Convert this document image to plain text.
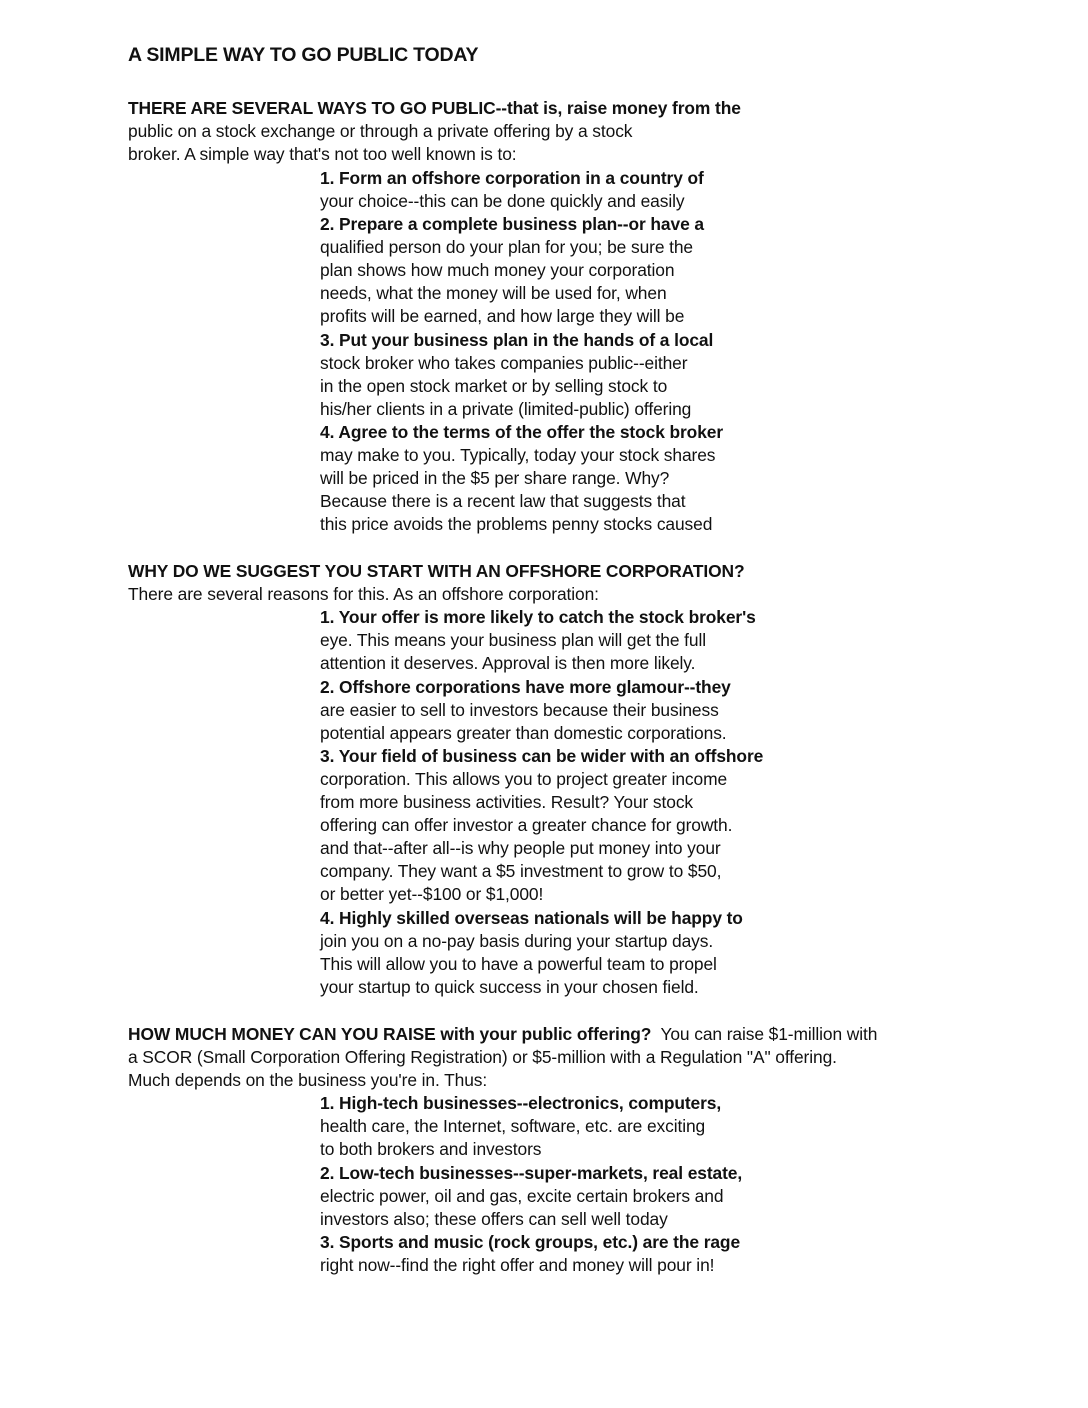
A SIMPLE WAY TO GO PUBLIC TODAY
THERE ARE SEVERAL WAYS TO GO PUBLIC--that is, raise money from the
public on a stock exchange or through a private offering by a stock
broker. A simple way that's not too well known is to:
1. Form an offshore corporation in a country of
your choice--this can be done quickly and easily
2. Prepare a complete business plan--or have a
qualified person do your plan for you; be sure the
plan shows how much money your corporation
needs, what the money will be used for, when
profits will be earned, and how large they will be
3. Put your business plan in the hands of a local
stock broker who takes companies public--either
in the open stock market or by selling stock to
his/her clients in a private (limited-public) offering
4. Agree to the terms of the offer the stock broker
may make to you. Typically, today your stock shares
will be priced in the $5 per share range. Why?
Because there is a recent law that suggests that
this price avoids the problems penny stocks caused
WHY DO WE SUGGEST YOU START WITH AN OFFSHORE CORPORATION?
There are several reasons for this. As an offshore corporation:
1. Your offer is more likely to catch the stock broker's
eye. This means your business plan will get the full
attention it deserves. Approval is then more likely.
2. Offshore corporations have more glamour--they
are easier to sell to investors because their business
potential appears greater than domestic corporations.
3. Your field of business can be wider with an offshore
corporation. This allows you to project greater income
from more business activities. Result? Your stock
offering can offer investor a greater chance for growth.
and that--after all--is why people put money into your
company. They want a $5 investment to grow to $50,
or better yet--$100 or $1,000!
4. Highly skilled overseas nationals will be happy to
join you on a no-pay basis during your startup days.
This will allow you to have a powerful team to propel
your startup to quick success in your chosen field.
HOW MUCH MONEY CAN YOU RAISE with your public offering?  You can raise $1-million with
a SCOR (Small Corporation Offering Registration) or $5-million with a Regulation "A" offering.
Much depends on the business you're in. Thus:
1. High-tech businesses--electronics, computers,
health care, the Internet, software, etc. are exciting
to both brokers and investors
2. Low-tech businesses--super-markets, real estate,
electric power, oil and gas, excite certain brokers and
investors also; these offers can sell well today
3. Sports and music (rock groups, etc.) are the rage
right now--find the right offer and money will pour in!
